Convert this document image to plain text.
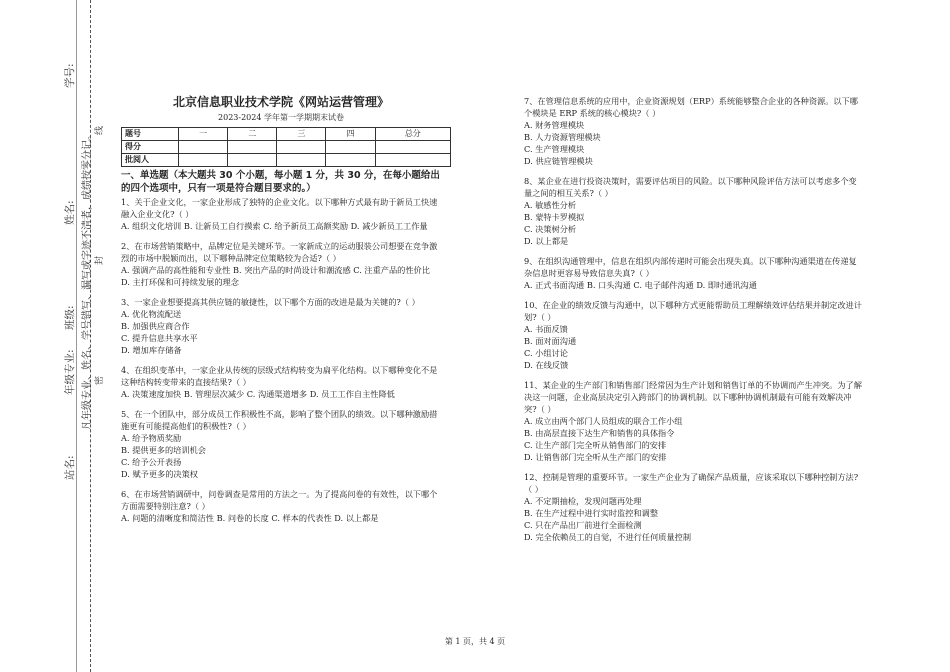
学号:
姓名:
班级:
年级专业:
站名:
凡年级专业、姓名、学号错写、漏写或字迹不清者，成绩按零分记。 密
封
线
北京信息职业技术学院《网站运营管理》
2023-2024 学年第一学期期末试卷
题号	一	二	三	四	总分
得分					
批阅人					
一、单选题（本大题共 30 个小题，每小题 1 分，共 30 分，在每小题给出的四个选项中，只有一项是符合题目要求的。）

1、关于企业文化，一家企业形成了独特的企业文化。以下哪种方式最有助于新员工快速融入企业文化?（ ）

A. 组织文化培训 B. 让新员工自行摸索 C. 给予新员工高额奖励 D. 减少新员工工作量

2、在市场营销策略中，品牌定位是关键环节。一家新成立的运动服装公司想要在竞争激烈的市场中脱颖而出，以下哪种品牌定位策略较为合适?（ ）

A. 强调产品的高性能和专业性 B. 突出产品的时尚设计和潮流感 C. 注重产品的性价比 D. 主打环保和可持续发展的理念

3、一家企业想要提高其供应链的敏捷性，以下哪个方面的改进是最为关键的?（ ）

A. 优化物流配送

B. 加强供应商合作

C. 提升信息共享水平

D. 增加库存储备

4、在组织变革中，一家企业从传统的层级式结构转变为扁平化结构。以下哪种变化不是这种结构转变带来的直接结果?（ ）

A. 决策速度加快 B. 管理层次减少 C. 沟通渠道增多 D. 员工工作自主性降低

5、在一个团队中，部分成员工作积极性不高，影响了整个团队的绩效。以下哪种激励措施更有可能提高他们的积极性?（ ）

A. 给予物质奖励

B. 提供更多的培训机会

C. 给予公开表扬

D. 赋予更多的决策权

6、在市场营销调研中，问卷调查是常用的方法之一。为了提高问卷的有效性，以下哪个方面需要特别注意?（ ）

A. 问题的清晰度和简洁性 B. 问卷的长度 C. 样本的代表性 D. 以上都是

7、在管理信息系统的应用中，企业资源规划（ERP）系统能够整合企业的各种资源。以下哪个模块是 ERP 系统的核心模块?（ ）

A. 财务管理模块

B. 人力资源管理模块

C. 生产管理模块

D. 供应链管理模块

8、某企业在进行投资决策时，需要评估项目的风险。以下哪种风险评估方法可以考虑多个变量之间的相互关系?（ ）

A. 敏感性分析

B. 蒙特卡罗模拟

C. 决策树分析

D. 以上都是

9、在组织沟通管理中，信息在组织内部传递时可能会出现失真。以下哪种沟通渠道在传递复杂信息时更容易导致信息失真?（ ）

A. 正式书面沟通 B. 口头沟通 C. 电子邮件沟通 D. 即时通讯沟通

10、在企业的绩效反馈与沟通中，以下哪种方式更能帮助员工理解绩效评估结果并制定改进计划?（ ）

A. 书面反馈

B. 面对面沟通

C. 小组讨论

D. 在线反馈

11、某企业的生产部门和销售部门经常因为生产计划和销售订单的不协调而产生冲突。为了解决这一问题，企业高层决定引入跨部门的协调机制。以下哪种协调机制最有可能有效解决冲突?（ ）

A. 成立由两个部门人员组成的联合工作小组

B. 由高层直接下达生产和销售的具体指令

C. 让生产部门完全听从销售部门的安排

D. 让销售部门完全听从生产部门的安排

12、控制是管理的重要环节。一家生产企业为了确保产品质量，应该采取以下哪种控制方法?（ ）

A. 不定期抽检，发现问题再处理

B. 在生产过程中进行实时监控和调整

C. 只在产品出厂前进行全面检测

D. 完全依赖员工的自觉，不进行任何质量控制

第 1 页，共 4 页
